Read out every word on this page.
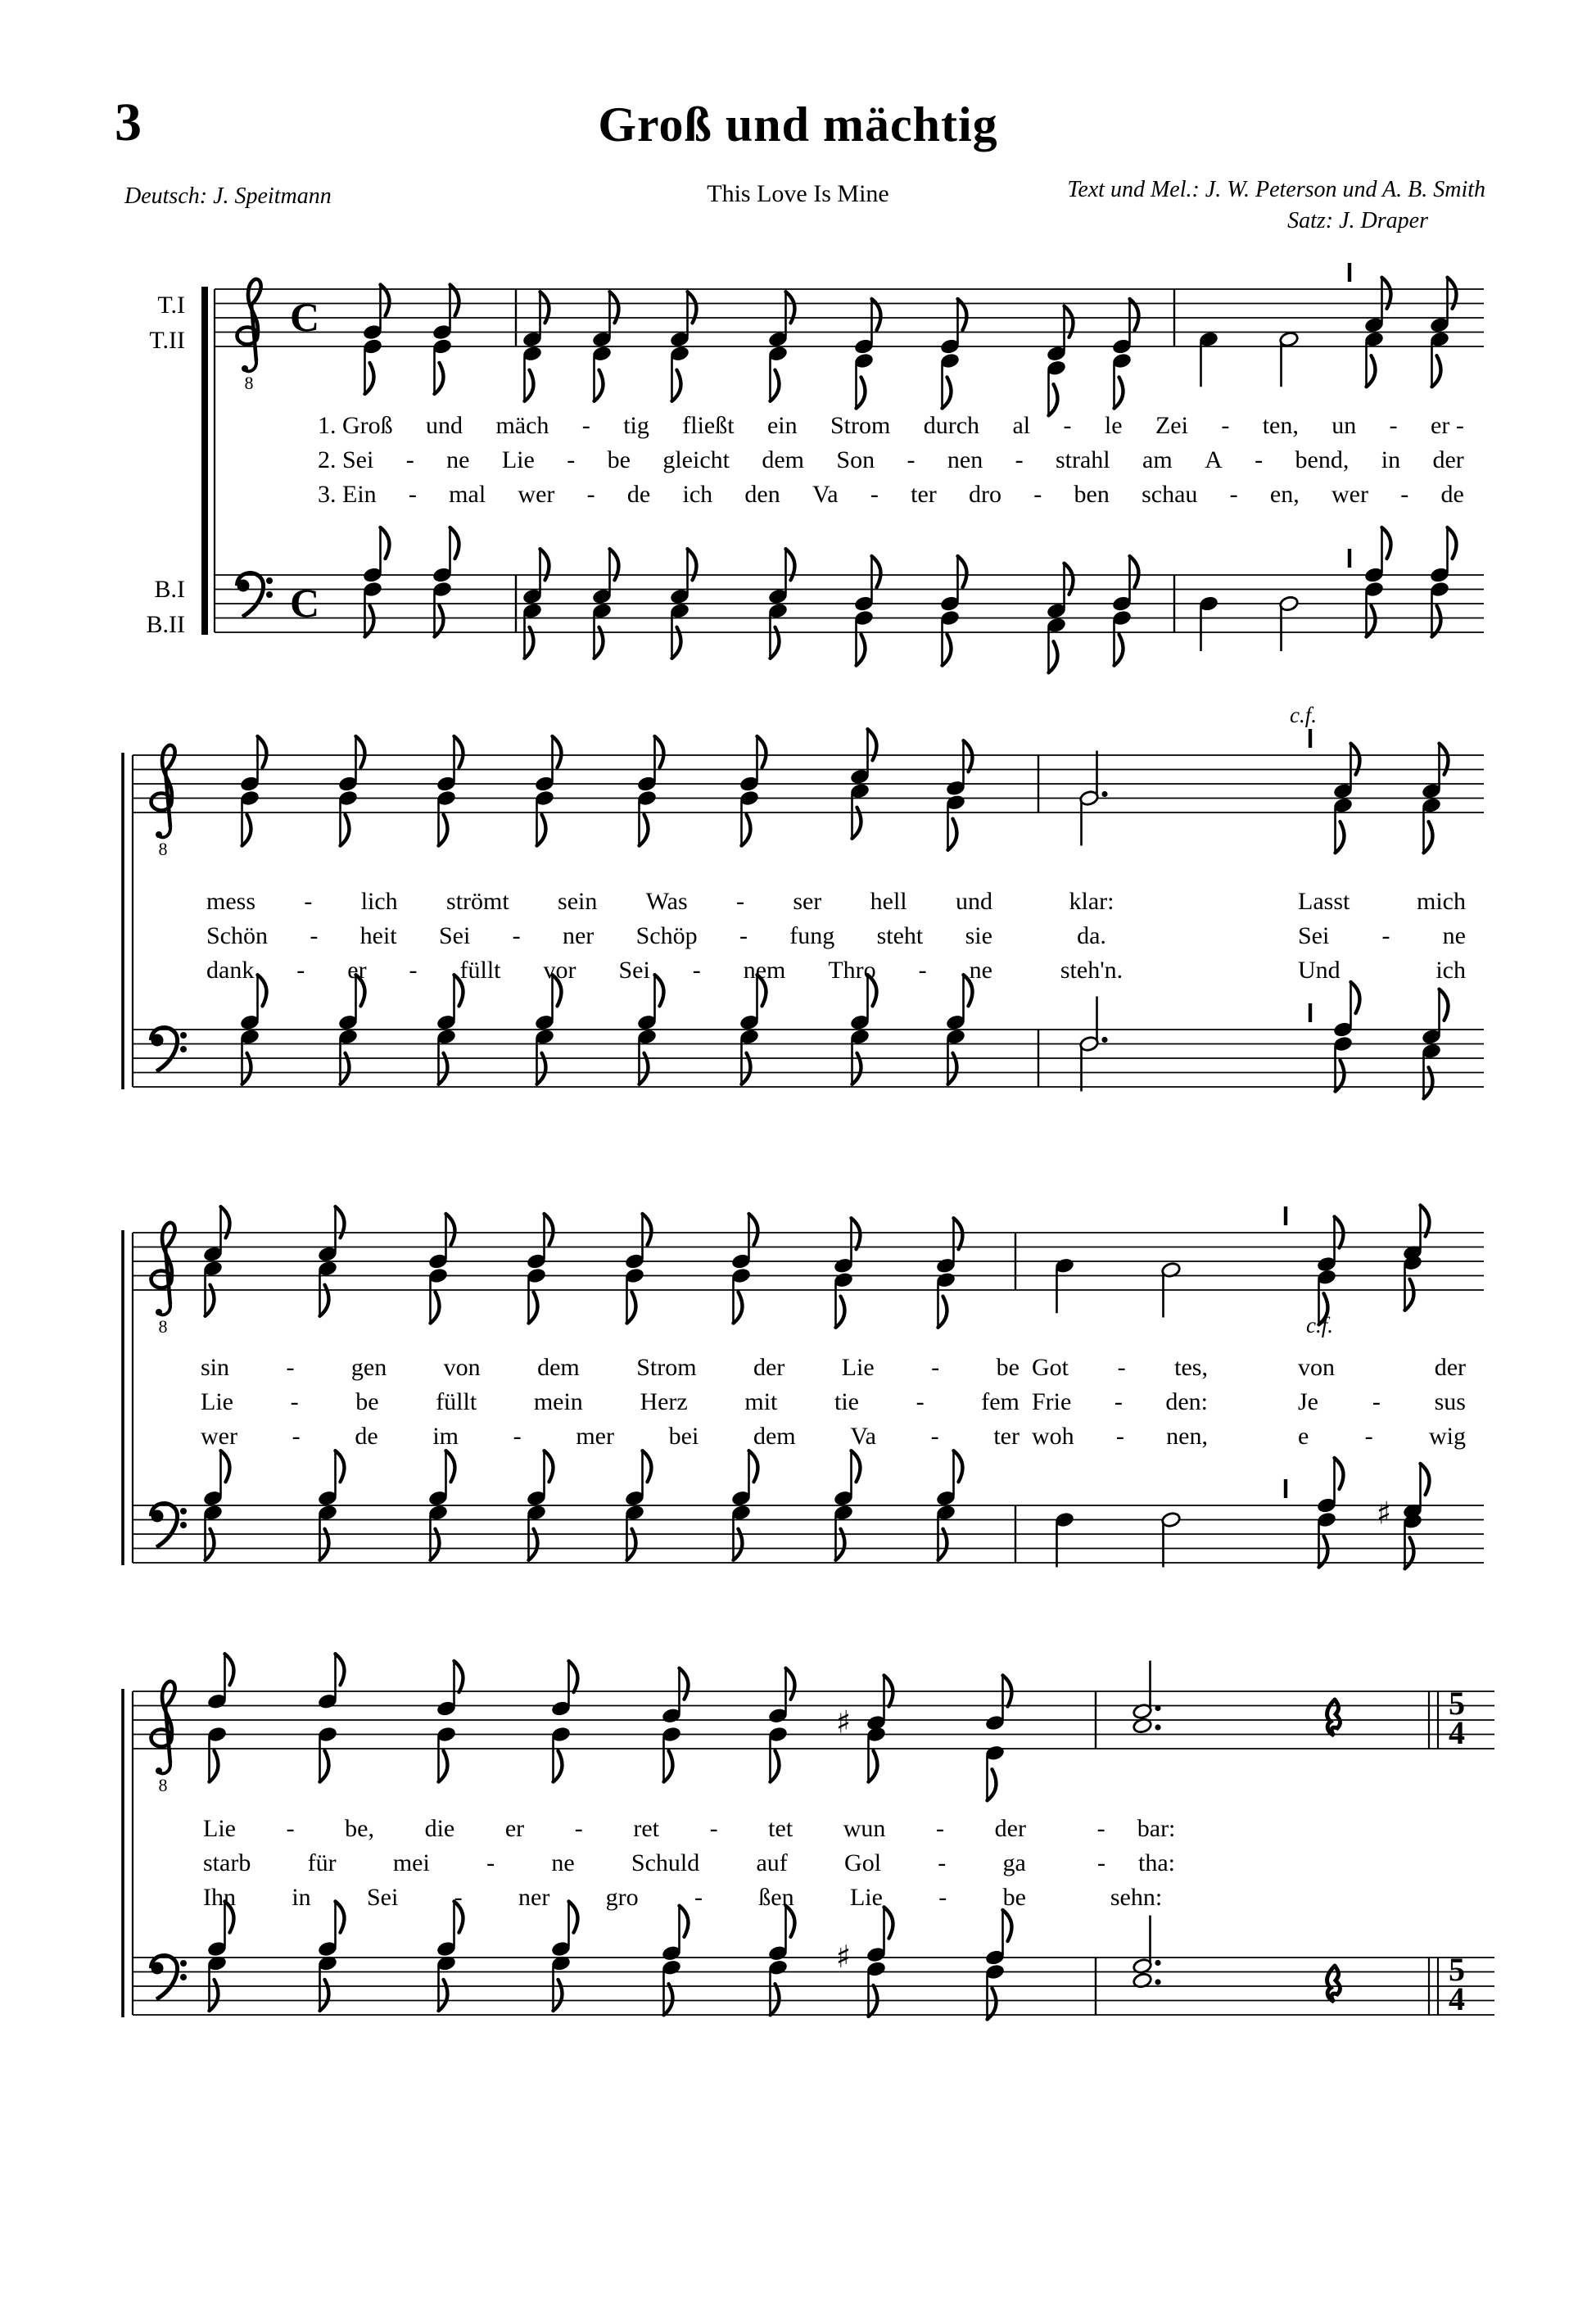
8
8
8
♯
8
♯
♯
3	Groß und mächtig
Deutsch: J. Speitmann	This Love Is Mine	Text und Mel.: J. W. Peterson und A. B. Smith
Satz: J. Draper
T.I
T.II
B.I
B.II
C
C
5
4
5
4
c.f.
c.f.
1. Groß und mäch - tig fließt ein Strom durch al - le Zei - ten, un - er -
2. Sei - ne Lie - be gleicht dem Son - nen - strahl am A - bend, in der
3. Ein - mal wer - de ich den Va - ter dro - ben schau - en, wer - de
mess - lich strömt sein Was - ser hell und
Schön - heit Sei - ner Schöp - fung steht sie
dank - er - füllt vor Sei - nem Thro - ne
klar:
da.
steh'n.
Lasst	mich
Sei - ne
Und	ich
sin - gen von dem Strom der Lie - be
Lie - be füllt mein Herz mit tie - fem
wer - de im - mer bei dem Va - ter
Got - tes,
Frie - den:
woh - nen,
von	der
Je - sus
e - wig
Lie - be, die er - ret - tet wun - der
starb für mei - ne Schuld auf Gol - ga
Ihn in Sei - ner gro - ßen Lie - be
- bar:
- tha:
sehn:
